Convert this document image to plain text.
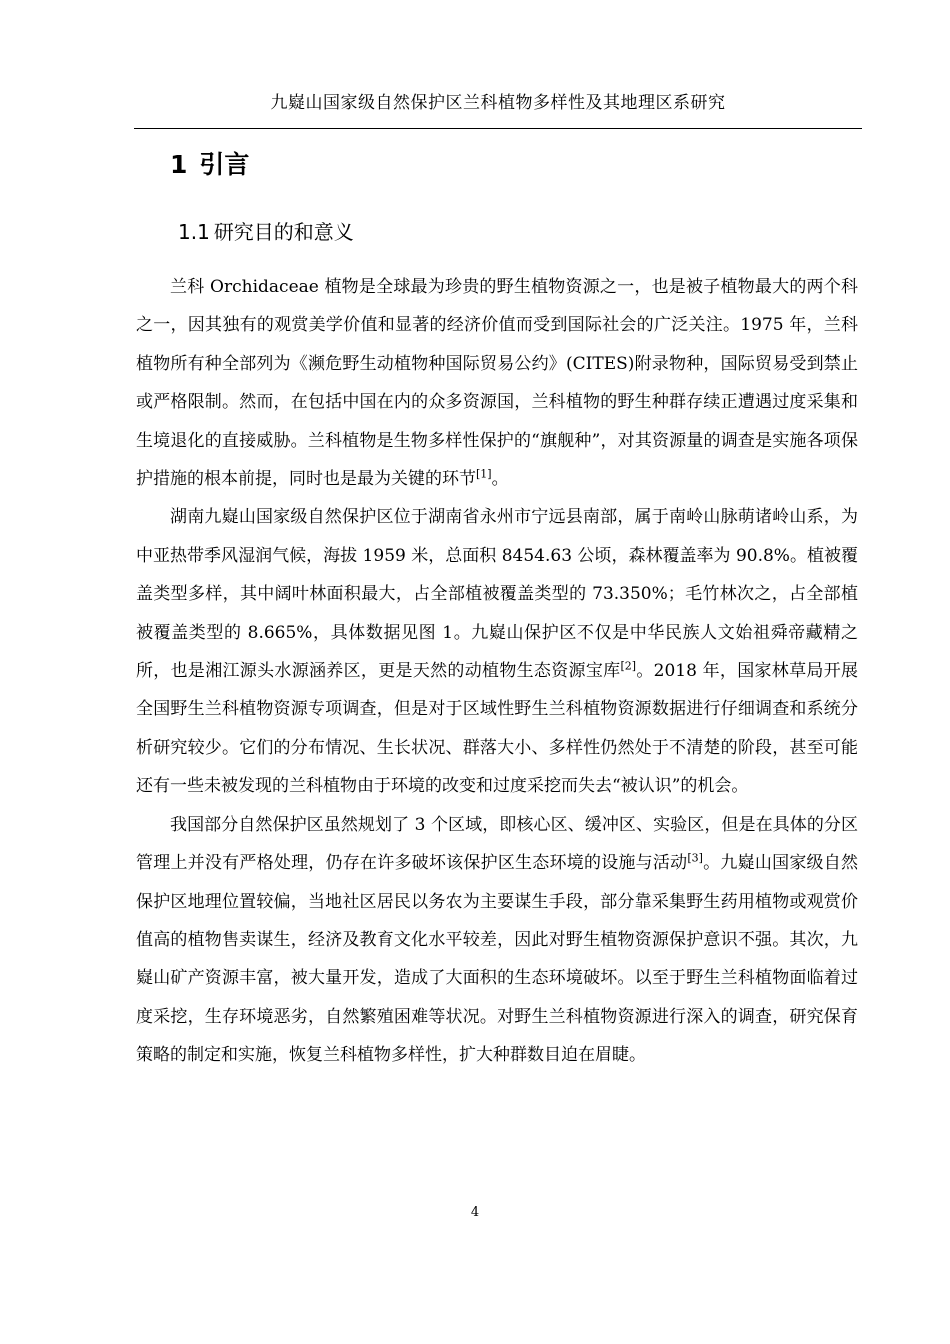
九嶷山国家级自然保护区兰科植物多样性及其地理区系研究
1 引言
1.1 研究目的和意义

兰科 Orchidaceae 植物是全球最为珍贵的野生植物资源之一，也是被子植物最大的两个科之一，因其独有的观赏美学价值和显著的经济价值而受到国际社会的广泛关注。1975 年，兰科植物所有种全部列为《濒危野生动植物种国际贸易公约》(CITES)附录物种，国际贸易受到禁止或严格限制。然而，在包括中国在内的众多资源国，兰科植物的野生种群存续正遭遇过度采集和生境退化的直接威胁。兰科植物是生物多样性保护的“旗舰种”，对其资源量的调查是实施各项保护措施的根本前提，同时也是最为关键的环节[1]。

湖南九嶷山国家级自然保护区位于湖南省永州市宁远县南部，属于南岭山脉萌诸岭山系，为中亚热带季风湿润气候，海拔 1959 米，总面积 8454.63 公顷，森林覆盖率为 90.8%。植被覆盖类型多样，其中阔叶林面积最大，占全部植被覆盖类型的 73.350%；毛竹林次之，占全部植被覆盖类型的 8.665%，具体数据见图 1。九嶷山保护区不仅是中华民族人文始祖舜帝藏精之所，也是湘江源头水源涵养区，更是天然的动植物生态资源宝库[2]。2018 年，国家林草局开展全国野生兰科植物资源专项调查，但是对于区域性野生兰科植物资源数据进行仔细调查和系统分析研究较少。它们的分布情况、生长状况、群落大小、多样性仍然处于不清楚的阶段，甚至可能还有一些未被发现的兰科植物由于环境的改变和过度采挖而失去“被认识”的机会。

我国部分自然保护区虽然规划了 3 个区域，即核心区、缓冲区、实验区，但是在具体的分区管理上并没有严格处理，仍存在许多破坏该保护区生态环境的设施与活动[3]。九嶷山国家级自然保护区地理位置较偏，当地社区居民以务农为主要谋生手段，部分靠采集野生药用植物或观赏价值高的植物售卖谋生，经济及教育文化水平较差，因此对野生植物资源保护意识不强。其次，九嶷山矿产资源丰富，被大量开发，造成了大面积的生态环境破坏。以至于野生兰科植物面临着过度采挖，生存环境恶劣，自然繁殖困难等状况。对野生兰科植物资源进行深入的调查，研究保育策略的制定和实施，恢复兰科植物多样性，扩大种群数目迫在眉睫。

4
